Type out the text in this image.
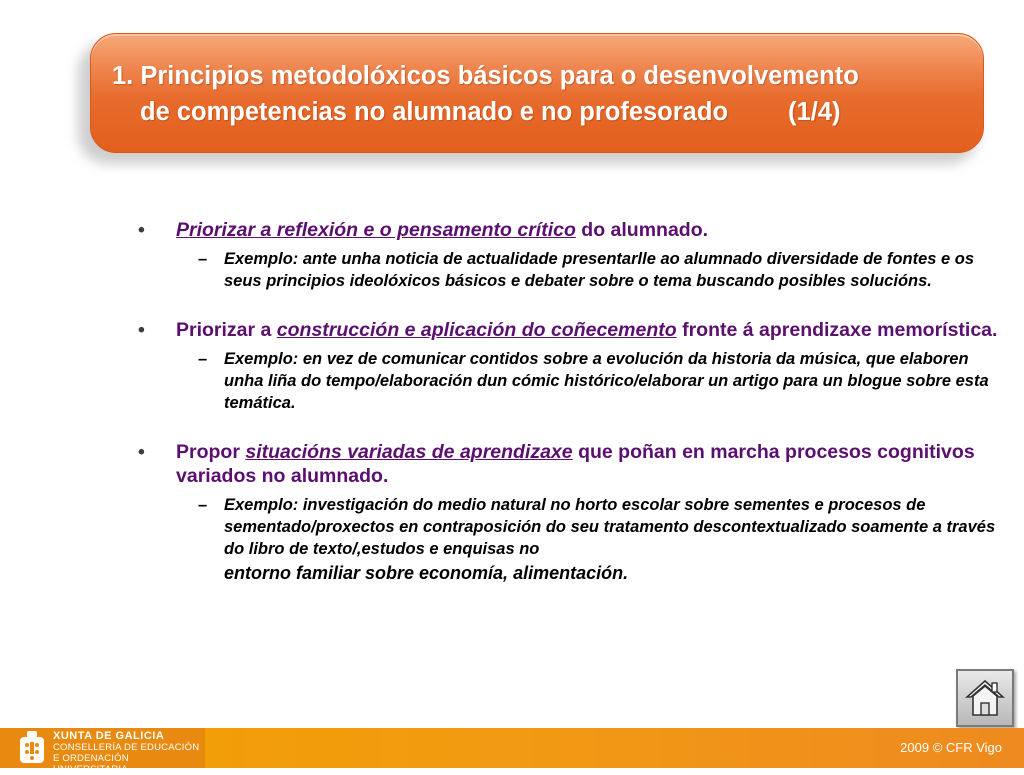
1. Principios metodolóxicos básicos para o desenvolvemento
de competencias no alumnado e no profesorado (1/4)
• Priorizar a reflexión e o pensamento crítico do alumnado.
– Exemplo: ante unha noticia de actualidade presentarlle ao alumnado diversidade de fontes e os seus principios ideolóxicos básicos e debater sobre o tema buscando posibles solucións.
• Priorizar a construcción e aplicación do coñecemento fronte á aprendizaxe memorística.
– Exemplo: en vez de comunicar contidos sobre a evolución da historia da música, que elaboren unha liña do tempo/elaboración dun cómic histórico/elaborar un artigo para un blogue sobre esta temática.
• Propor situacións variadas de aprendizaxe que poñan en marcha procesos cognitivos variados no alumnado.
– Exemplo: investigación do medio natural no horto escolar sobre sementes e procesos de sementado/proxectos en contraposición do seu tratamento descontextualizado soamente a través do libro de texto/,estudos e enquisas no
entorno familiar sobre economía, alimentación.
XUNTA DE GALICIA
CONSELLERÍA DE EDUCACIÓN
E ORDENACIÓN UNIVERSITARIA
2009 © CFR Vigo
